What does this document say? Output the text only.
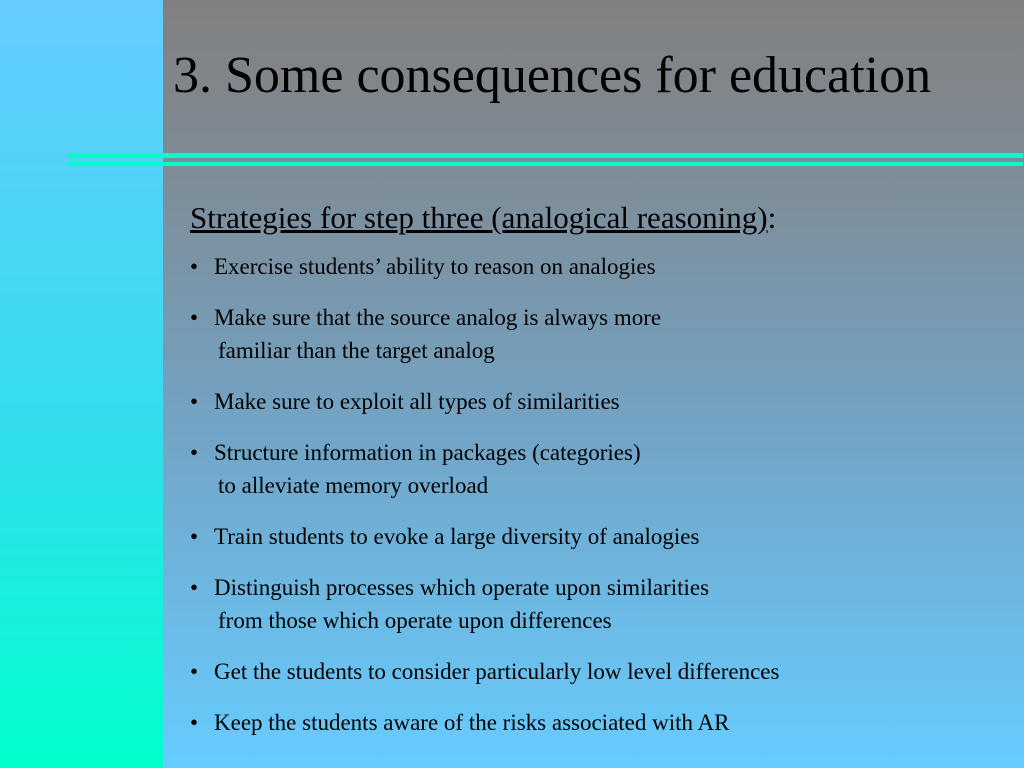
3. Some consequences for education

Strategies for step three (analogical reasoning):

• Exercise students’ ability to reason on analogies
• Make sure that the source analog is always more
familiar than the target analog
• Make sure to exploit all types of similarities
• Structure information in packages (categories)
to alleviate memory overload
• Train students to evoke a large diversity of analogies
• Distinguish processes which operate upon similarities
from those which operate upon differences
• Get the students to consider particularly low level differences
• Keep the students aware of the risks associated with AR
